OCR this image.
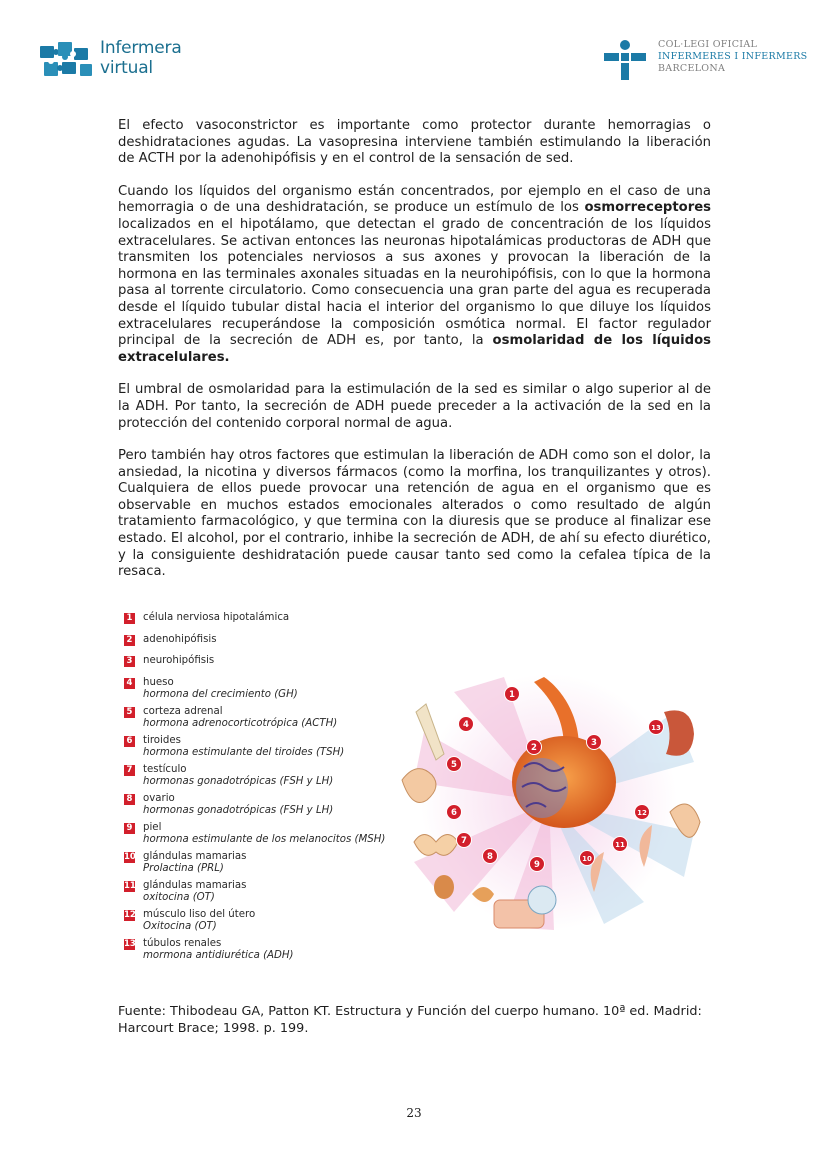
Infermera
virtual
COL·LEGI OFICIAL
INFERMERES I INFERMERS
BARCELONA

El efecto vasoconstrictor es importante como protector durante hemorragias o deshidrataciones agudas. La vasopresina interviene también estimulando la liberación de ACTH por la adenohipófisis y en el control de la sensación de sed.

Cuando los líquidos del organismo están concentrados, por ejemplo en el caso de una hemorragia o de una deshidratación, se produce un estímulo de los osmorreceptores localizados en el hipotálamo, que detectan el grado de concentración de los líquidos extracelulares. Se activan entonces las neuronas hipotalámicas productoras de ADH que transmiten los potenciales nerviosos a sus axones y provocan la liberación de la hormona en las terminales axonales situadas en la neurohipófisis, con lo que la hormona pasa al torrente circulatorio. Como consecuencia una gran parte del agua es recuperada desde el líquido tubular distal hacia el interior del organismo lo que diluye los líquidos extracelulares recuperándose la composición osmótica normal. El factor regulador principal de la secreción de ADH es, por tanto, la osmolaridad de los líquidos extracelulares.

El umbral de osmolaridad para la estimulación de la sed es similar o algo superior al de la ADH. Por tanto, la secreción de ADH puede preceder a la activación de la sed en la protección del contenido corporal normal de agua.

Pero también hay otros factores que estimulan la liberación de ADH como son el dolor, la ansiedad, la nicotina y diversos fármacos (como la morfina, los tranquilizantes y otros). Cualquiera de ellos puede provocar una retención de agua en el organismo que es observable en muchos estados emocionales alterados o como resultado de algún tratamiento farmacológico, y que termina con la diuresis que se produce al finalizar ese estado. El alcohol, por el contrario, inhibe la secreción de ADH, de ahí su efecto diurético, y la consiguiente deshidratación puede causar tanto sed como la cefalea típica de la resaca.

1 célula nerviosa hipotalámica
2 adenohipófisis
3 neurohipófisis
4 hueso
hormona del crecimiento (GH)
5 corteza adrenal
hormona adrenocorticotrópica (ACTH)
6 tiroides
hormona estimulante del tiroides (TSH)
7 testículo
hormonas gonadotrópicas (FSH y LH)
8 ovario
hormonas gonadotrópicas (FSH y LH)
9 piel
hormona estimulante de los melanocitos (MSH)
10 glándulas mamarias
Prolactina (PRL)
11 glándulas mamarias
oxitocina (OT)
12 músculo liso del útero
Oxitocina (OT)
13 túbulos renales
mormona antidiurética (ADH)
1
2	3
4
5
6
7
8
9
10
11
12
13
Fuente: Thibodeau GA, Patton KT. Estructura y Función del cuerpo humano. 10ª ed. Madrid: Harcourt Brace; 1998. p. 199.
23
